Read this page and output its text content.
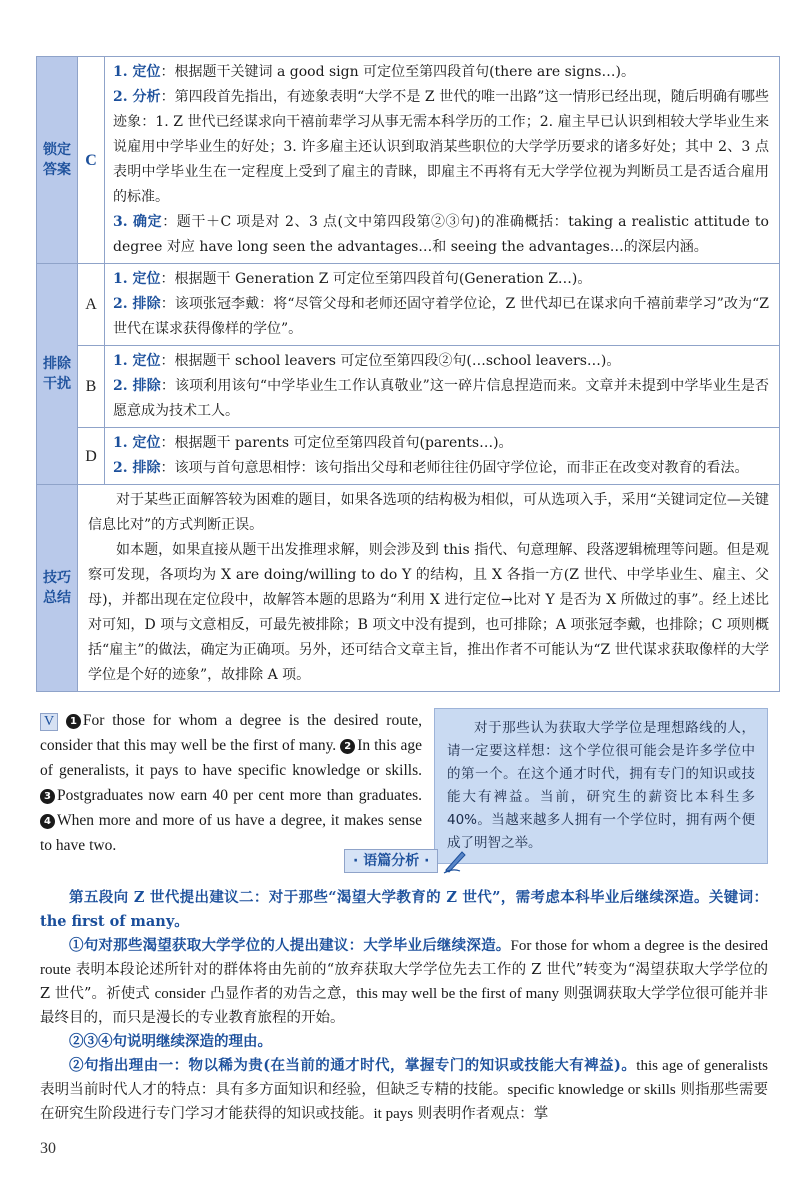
锁定答案	C	1. 定位：根据题干关键词 a good sign 可定位至第四段首句(there are signs…)。

2. 分析：第四段首先指出，有迹象表明“大学不是 Z 世代的唯一出路”这一情形已经出现，随后明确有哪些迹象：1. Z 世代已经谋求向干禧前辈学习从事无需本科学历的工作；2. 雇主早已认识到相较大学毕业生来说雇用中学毕业生的好处；3. 许多雇主还认识到取消某些职位的大学学历要求的诸多好处；其中 2、3 点表明中学毕业生在一定程度上受到了雇主的青睐，即雇主不再将有无大学学位视为判断员工是否适合雇用的标准。

3. 确定：题干＋C 项是对 2、3 点(文中第四段第②③句)的准确概括：taking a realistic attitude to degree 对应 have long seen the advantages…和 seeing the advantages…的深层内涵。

排除干扰	A	1. 定位：根据题干 Generation Z 可定位至第四段首句(Generation Z…)。

2. 排除：该项张冠李戴：将“尽管父母和老师还固守着学位论，Z 世代却已在谋求向千禧前辈学习”改为“Z 世代在谋求获得像样的学位”。

	B	1. 定位：根据题干 school leavers 可定位至第四段②句(…school leavers…)。

2. 排除：该项利用该句“中学毕业生工作认真敬业”这一碎片信息捏造而来。文章并未提到中学毕业生是否愿意成为技术工人。

	D	1. 定位：根据题干 parents 可定位至第四段首句(parents…)。

2. 排除：该项与首句意思相悖：该句指出父母和老师往往仍固守学位论，而非正在改变对教育的看法。

技巧总结	对于某些正面解答较为困难的题目，如果各选项的结构极为相似，可从选项入手，采用“关键词定位—关键信息比对”的方式判断正误。

如本题，如果直接从题干出发推理求解，则会涉及到 this 指代、句意理解、段落逻辑梳理等问题。但是观察可发现，各项均为 X are doing/willing to do Y 的结构，且 X 各指一方(Z 世代、中学毕业生、雇主、父母)，并都出现在定位段中，故解答本题的思路为“利用 X 进行定位→比对 Y 是否为 X 所做过的事”。经上述比对可知，D 项与文意相反，可最先被排除；B 项文中没有提到，也可排除；A 项张冠李戴，也排除；C 项则概括“雇主”的做法，确定为正确项。另外，还可结合文章主旨，推出作者不可能认为“Z 世代谋求获取像样的大学学位是个好的迹象”，故排除 A 项。	

V 1 For those for whom a degree is the desired route, consider that this may well be the first of many. 2 In this age of generalists, it pays to have specific knowledge or skills. 3 Postgraduates now earn 40 per cent more than graduates. 4 When more and more of us have a degree, it makes sense to have two.
对于那些认为获取大学学位是理想路线的人，请一定要这样想：这个学位很可能会是许多学位中的第一个。在这个通才时代，拥有专门的知识或技能大有裨益。当前，研究生的薪资比本科生多 40%。当越来越多人拥有一个学位时，拥有两个便成了明智之举。
· 语篇分析 ·

第五段向 Z 世代提出建议二：对于那些“渴望大学教育的 Z 世代”，需考虑本科毕业后继续深造。关键词：the first of many。

①句对那些渴望获取大学学位的人提出建议：大学毕业后继续深造。For those for whom a degree is the desired route 表明本段论述所针对的群体将由先前的“放弃获取大学学位先去工作的 Z 世代”转变为“渴望获取大学学位的 Z 世代”。祈使式 consider 凸显作者的劝告之意，this may well be the first of many 则强调获取大学学位很可能并非最终目的，而只是漫长的专业教育旅程的开始。

②③④句说明继续深造的理由。

②句指出理由一：物以稀为贵(在当前的通才时代，掌握专门的知识或技能大有裨益)。this age of generalists 表明当前时代人才的特点：具有多方面知识和经验，但缺乏专精的技能。specific knowledge or skills 则指那些需要在研究生阶段进行专门学习才能获得的知识或技能。it pays 则表明作者观点：掌

30
